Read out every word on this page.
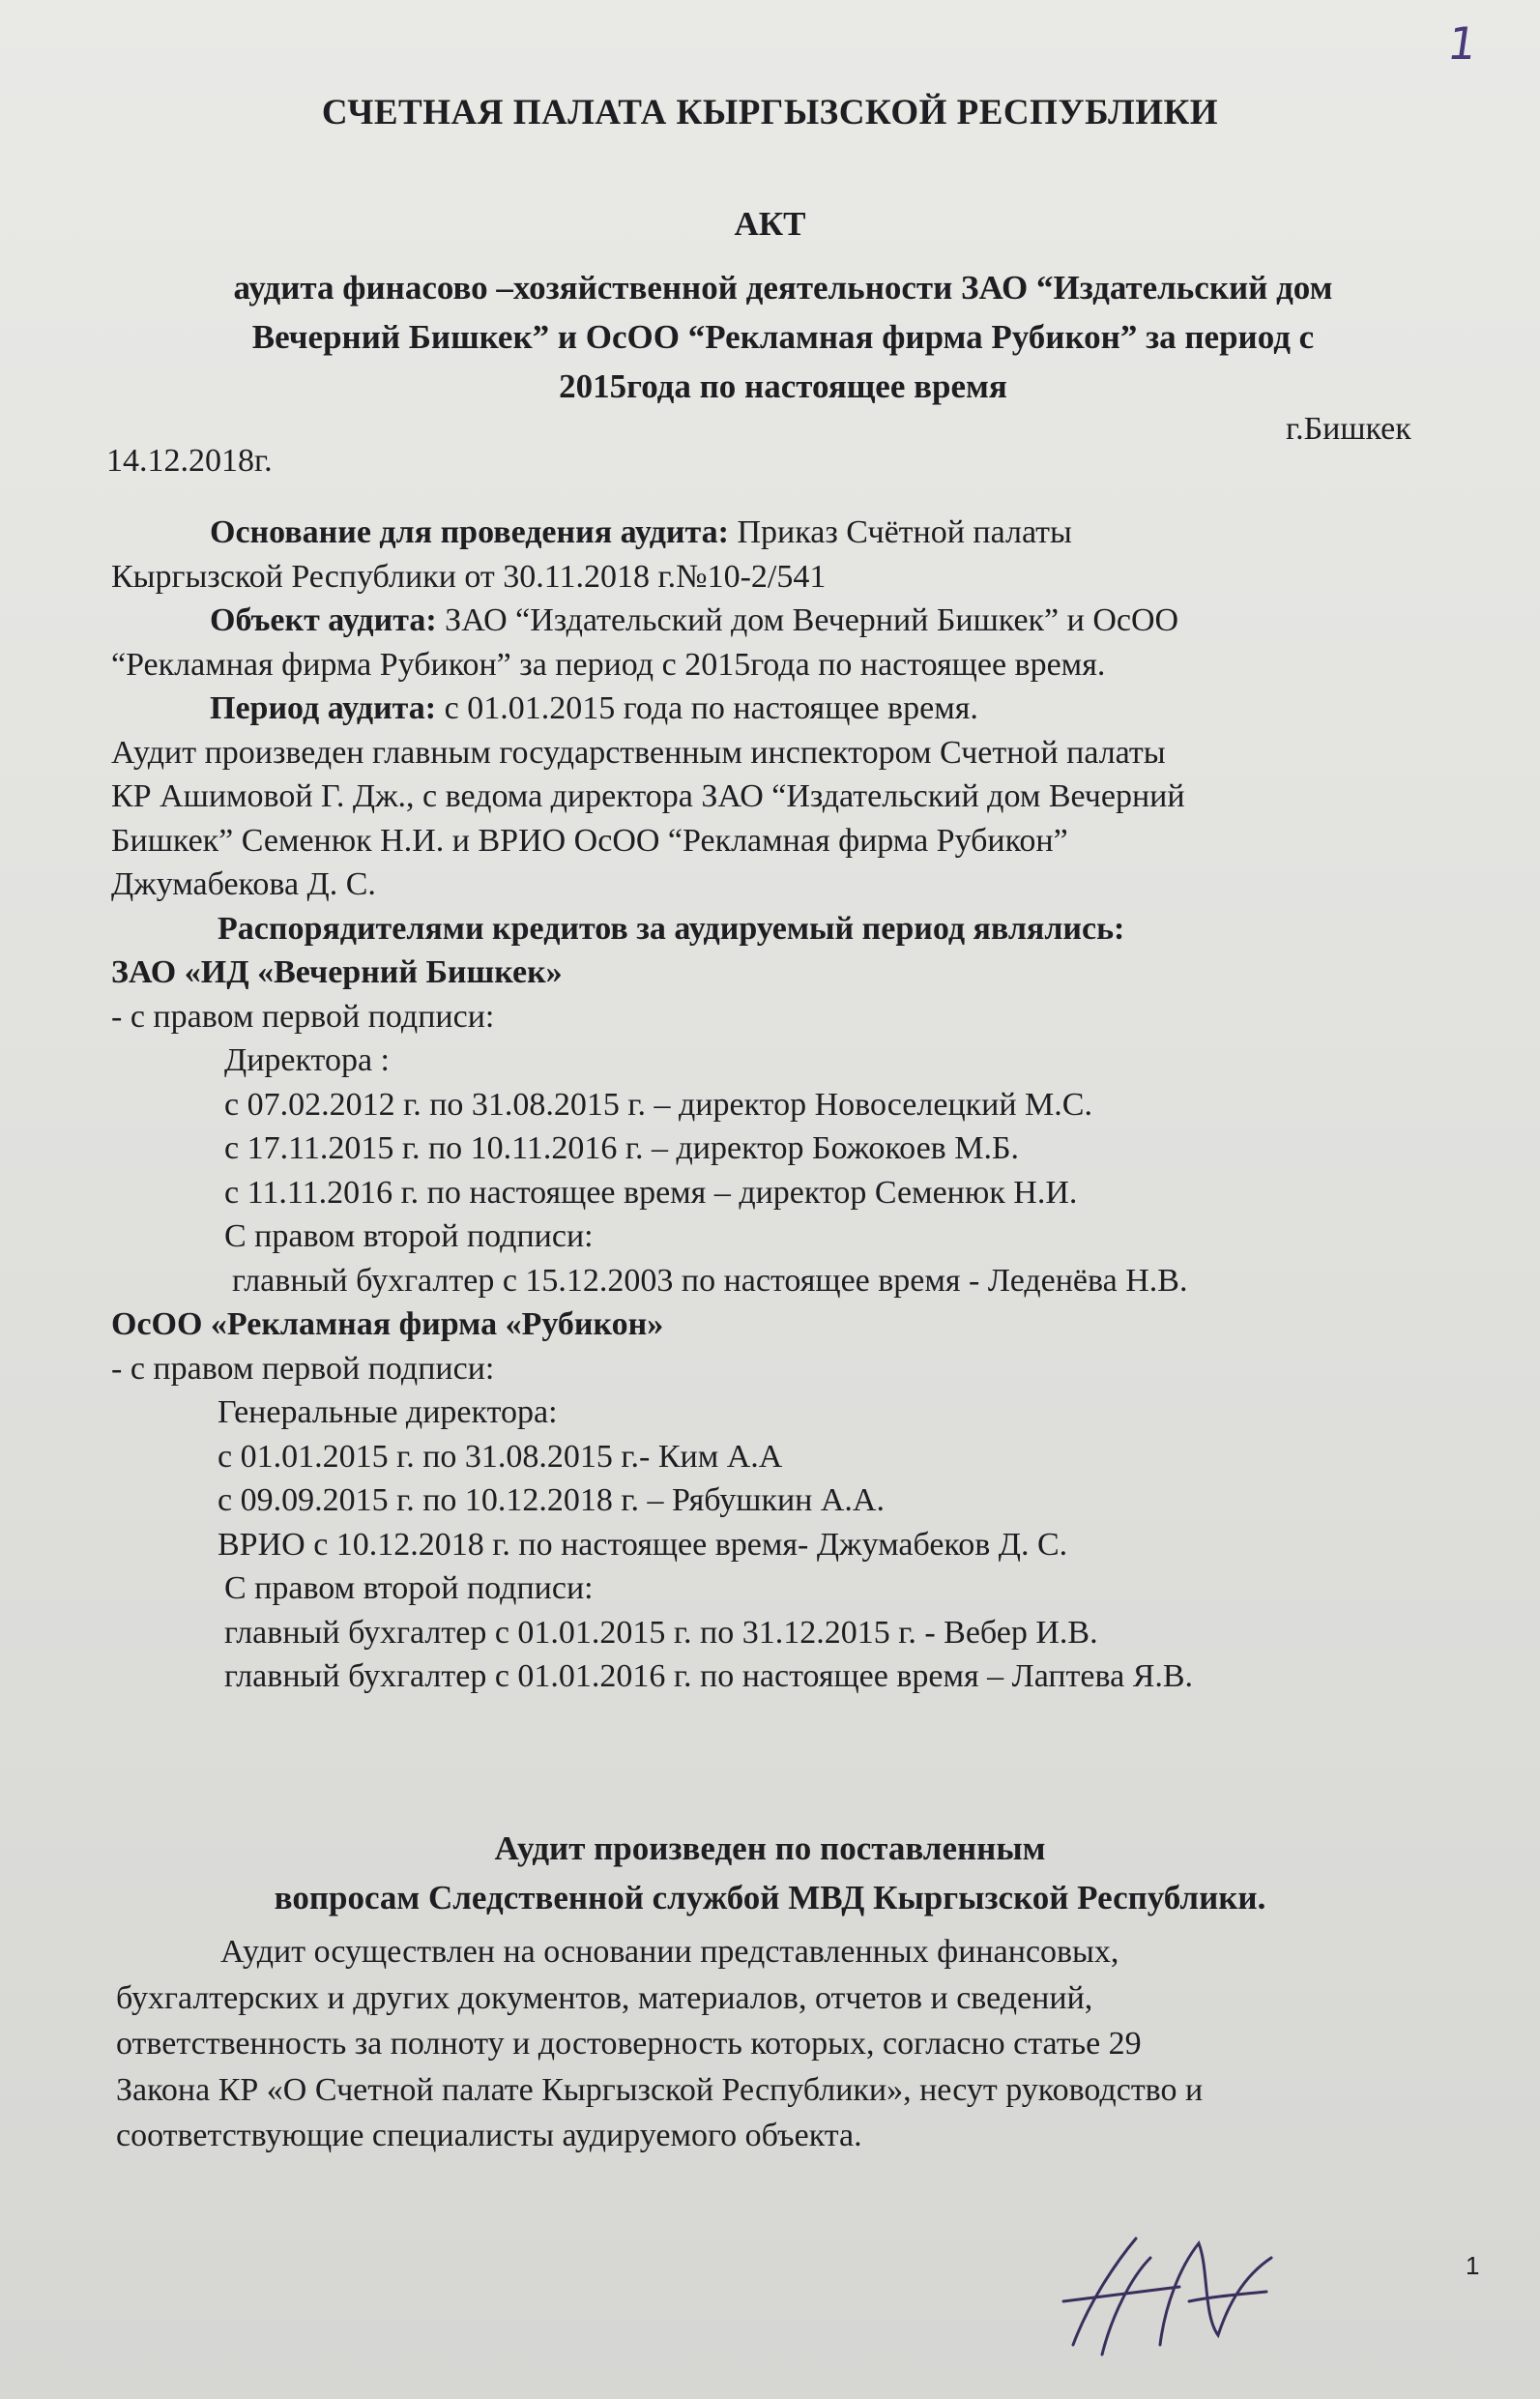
1
СЧЕТНАЯ ПАЛАТА КЫРГЫЗСКОЙ РЕСПУБЛИКИ
АКТ
аудита финасово –хозяйственной деятельности ЗАО “Издательский дом
Вечерний Бишкек” и ОсОО “Рекламная фирма Рубикон” за период с
2015года по настоящее время
г.Бишкек
14.12.2018г.
Основание для проведения аудита: Приказ Счётной палаты
Кыргызской Республики от 30.11.2018 г.№10-2/541
Объект аудита: ЗАО “Издательский дом Вечерний Бишкек” и ОсОО
“Рекламная фирма Рубикон” за период с 2015года по настоящее время.
Период аудита: с 01.01.2015 года по настоящее время.
Аудит произведен главным государственным инспектором Счетной палаты
КР Ашимовой Г. Дж., с ведома директора ЗАО “Издательский дом Вечерний
Бишкек” Семенюк Н.И. и ВРИО ОсОО “Рекламная фирма Рубикон”
Джумабекова Д. С.
Распорядителями кредитов за аудируемый период являлись:
ЗАО «ИД «Вечерний Бишкек»
- с правом первой подписи:
Директора :
с 07.02.2012 г. по 31.08.2015 г. – директор Новоселецкий М.С.
с 17.11.2015 г. по 10.11.2016 г. – директор Божокоев М.Б.
с 11.11.2016 г. по настоящее время – директор Семенюк Н.И.
С правом второй подписи:
главный бухгалтер с 15.12.2003 по настоящее время - Леденёва Н.В.
ОсОО «Рекламная фирма «Рубикон»
- с правом первой подписи:
Генеральные директора:
с 01.01.2015 г. по 31.08.2015 г.- Ким А.А
с 09.09.2015 г. по 10.12.2018 г. – Рябушкин А.А.
ВРИО с 10.12.2018 г. по настоящее время- Джумабеков Д. С.
С правом второй подписи:
главный бухгалтер с 01.01.2015 г. по 31.12.2015 г. - Вебер И.В.
главный бухгалтер с 01.01.2016 г. по настоящее время – Лаптева Я.В.
Аудит произведен по поставленным
вопросам Следственной службой МВД Кыргызской Республики.
Аудит осуществлен на основании представленных финансовых,
бухгалтерских и других документов, материалов, отчетов и сведений,
ответственность за полноту и достоверность которых, согласно статье 29
Закона КР «О Счетной палате Кыргызской Республики», несут руководство и
соответствующие специалисты аудируемого объекта.
1
